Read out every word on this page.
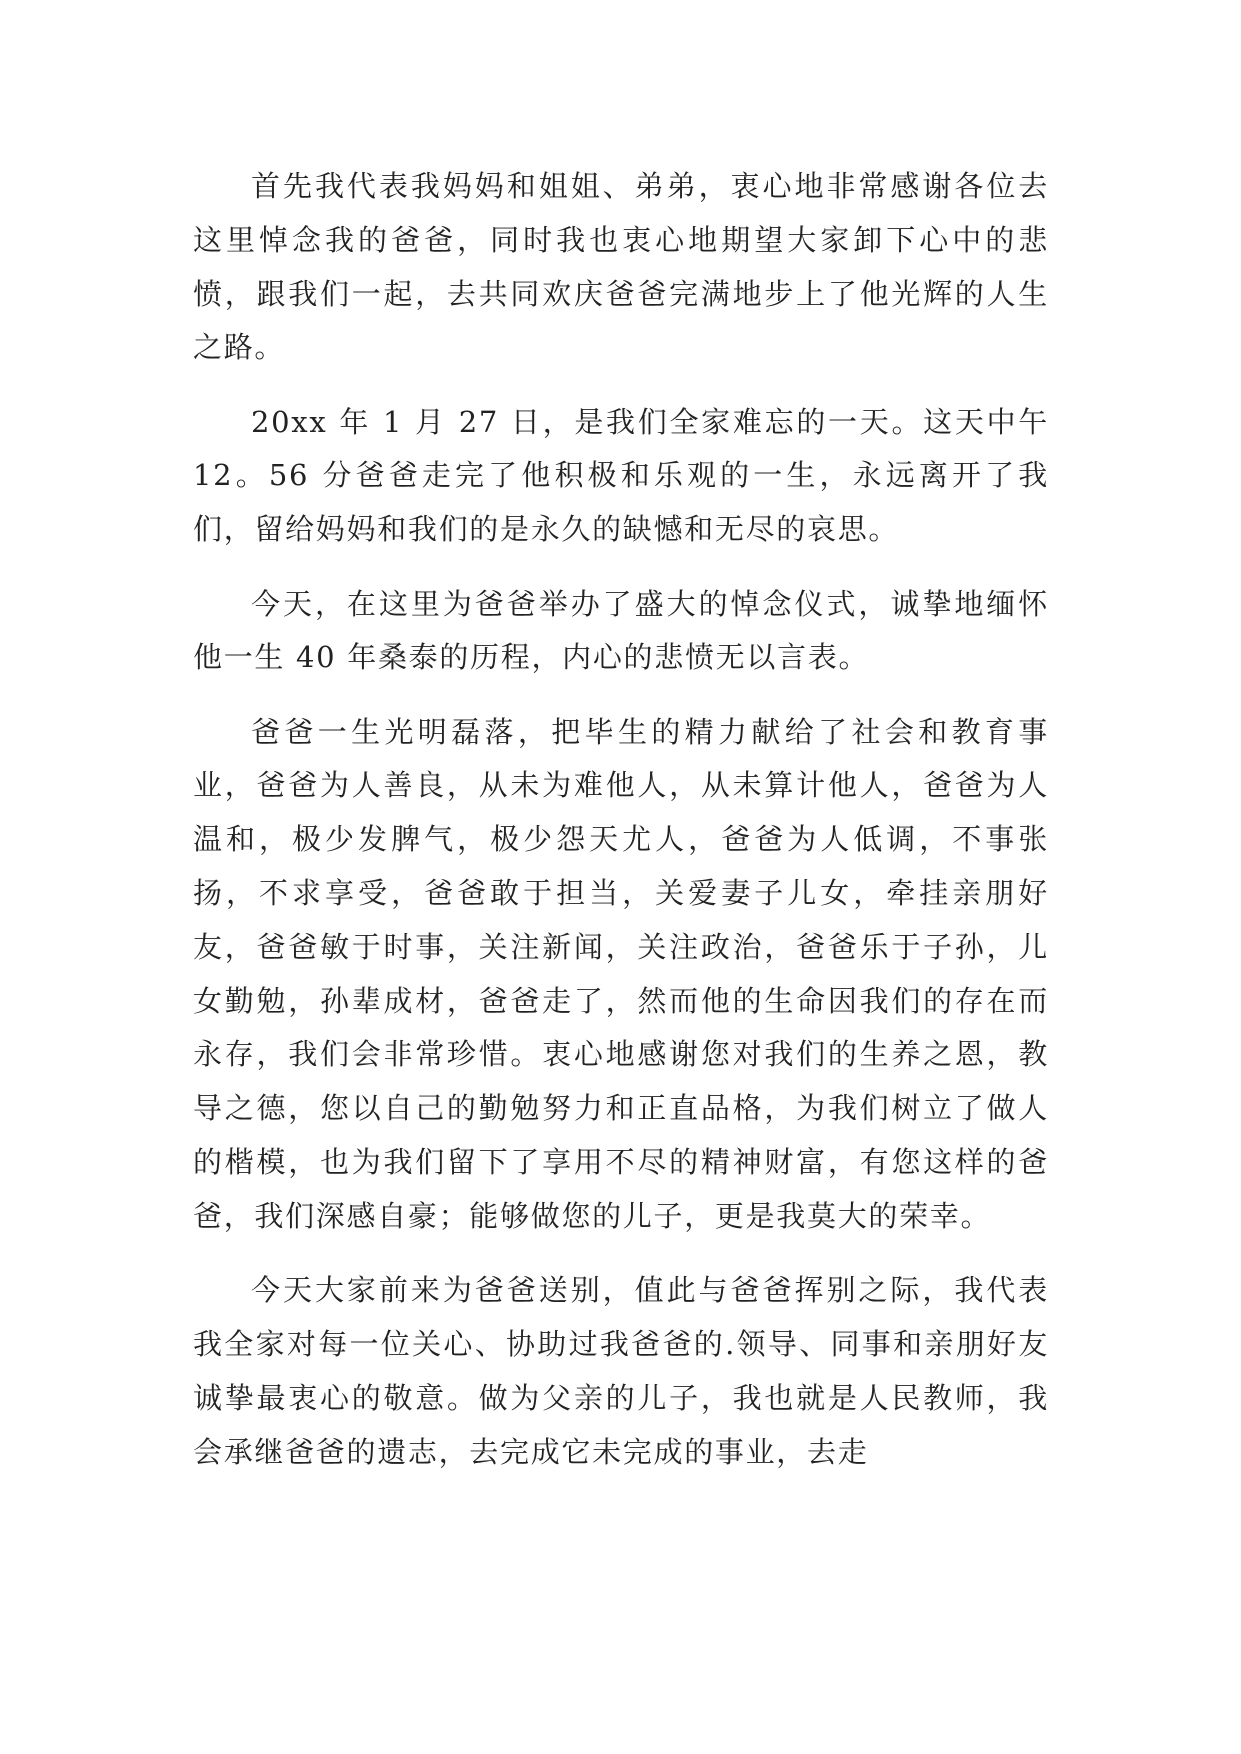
首先我代表我妈妈和姐姐、弟弟，衷心地非常感谢各位去这里悼念我的爸爸，同时我也衷心地期望大家卸下心中的悲愤，跟我们一起，去共同欢庆爸爸完满地步上了他光辉的人生之路。

20xx 年 1 月 27 日，是我们全家难忘的一天。这天中午 12。56 分爸爸走完了他积极和乐观的一生，永远离开了我们，留给妈妈和我们的是永久的缺憾和无尽的哀思。

今天，在这里为爸爸举办了盛大的悼念仪式，诚挚地缅怀他一生 40 年桑泰的历程，内心的悲愤无以言表。

爸爸一生光明磊落，把毕生的精力献给了社会和教育事业，爸爸为人善良，从未为难他人，从未算计他人，爸爸为人温和，极少发脾气，极少怨天尤人，爸爸为人低调，不事张扬，不求享受，爸爸敢于担当，关爱妻子儿女，牵挂亲朋好友，爸爸敏于时事，关注新闻，关注政治，爸爸乐于子孙，儿女勤勉，孙辈成材，爸爸走了，然而他的生命因我们的存在而永存，我们会非常珍惜。衷心地感谢您对我们的生养之恩，教导之德，您以自己的勤勉努力和正直品格，为我们树立了做人的楷模，也为我们留下了享用不尽的精神财富，有您这样的爸爸，我们深感自豪；能够做您的儿子，更是我莫大的荣幸。

今天大家前来为爸爸送别，值此与爸爸挥别之际，我代表我全家对每一位关心、协助过我爸爸的.领导、同事和亲朋好友诚挚最衷心的敬意。做为父亲的儿子，我也就是人民教师，我会承继爸爸的遗志，去完成它未完成的事业，去走
